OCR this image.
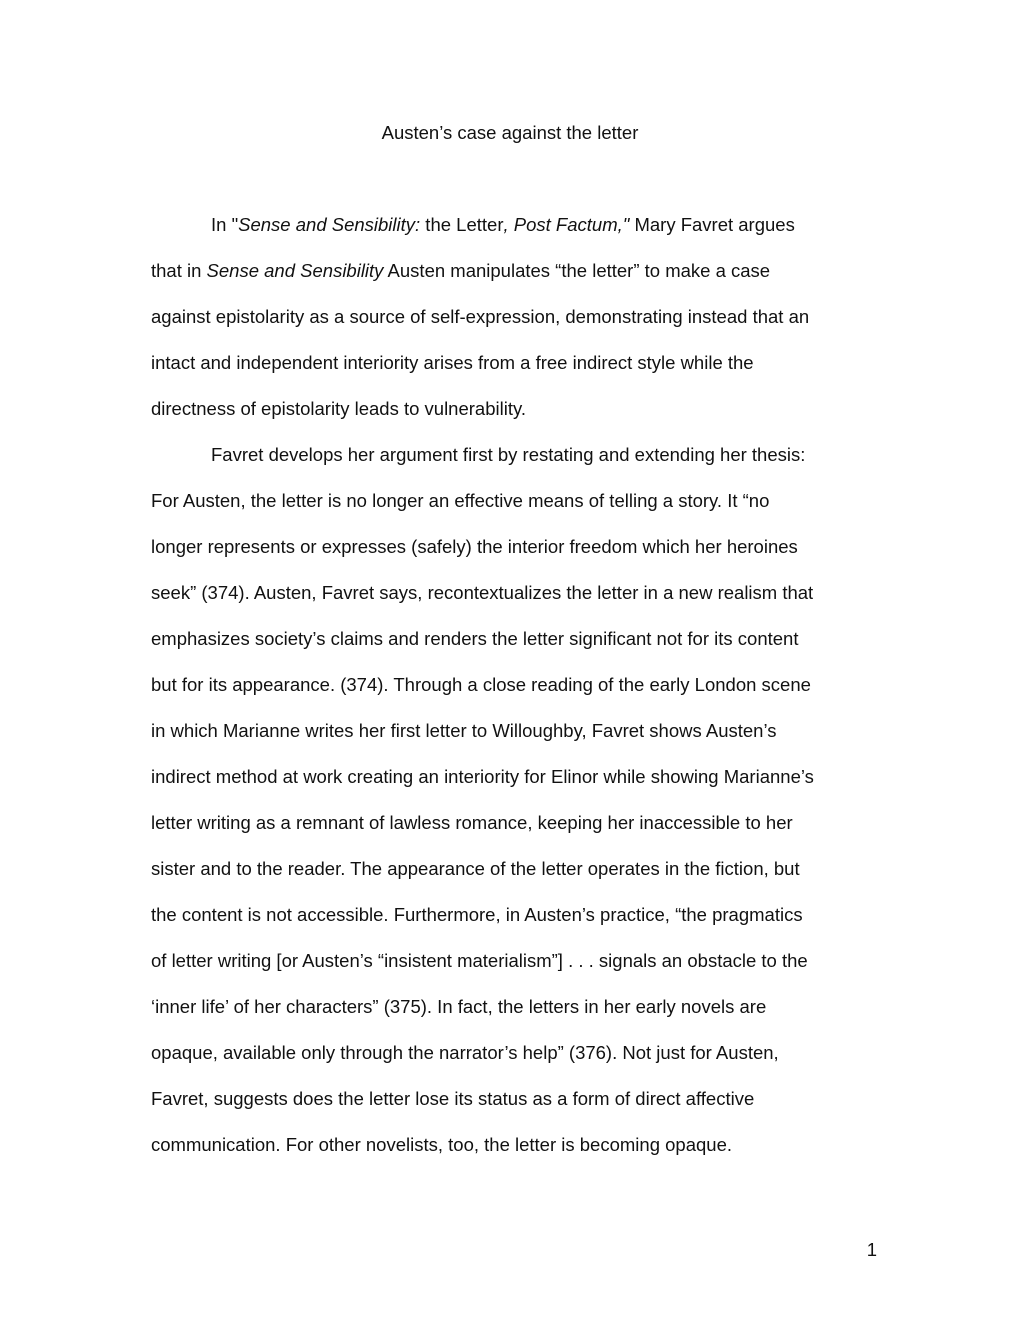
Austen’s case against the letter
In "Sense and Sensibility: the Letter, Post Factum," Mary Favret argues
that in Sense and Sensibility Austen manipulates “the letter” to make a case
against epistolarity as a source of self-expression, demonstrating instead that an
intact and independent interiority arises from a free indirect style while the
directness of epistolarity leads to vulnerability.
Favret develops her argument first by restating and extending her thesis:
For Austen, the letter is no longer an effective means of telling a story. It “no
longer represents or expresses (safely) the interior freedom which her heroines
seek” (374). Austen, Favret says, recontextualizes the letter in a new realism that
emphasizes society’s claims and renders the letter significant not for its content
but for its appearance. (374). Through a close reading of the early London scene
in which Marianne writes her first letter to Willoughby, Favret shows Austen’s
indirect method at work creating an interiority for Elinor while showing Marianne’s
letter writing as a remnant of lawless romance, keeping her inaccessible to her
sister and to the reader. The appearance of the letter operates in the fiction, but
the content is not accessible. Furthermore, in Austen’s practice, “the pragmatics
of letter writing [or Austen’s “insistent materialism”] . . . signals an obstacle to the
‘inner life’ of her characters” (375). In fact, the letters in her early novels are
opaque, available only through the narrator’s help” (376). Not just for Austen,
Favret, suggests does the letter lose its status as a form of direct affective
communication. For other novelists, too, the letter is becoming opaque.
1
